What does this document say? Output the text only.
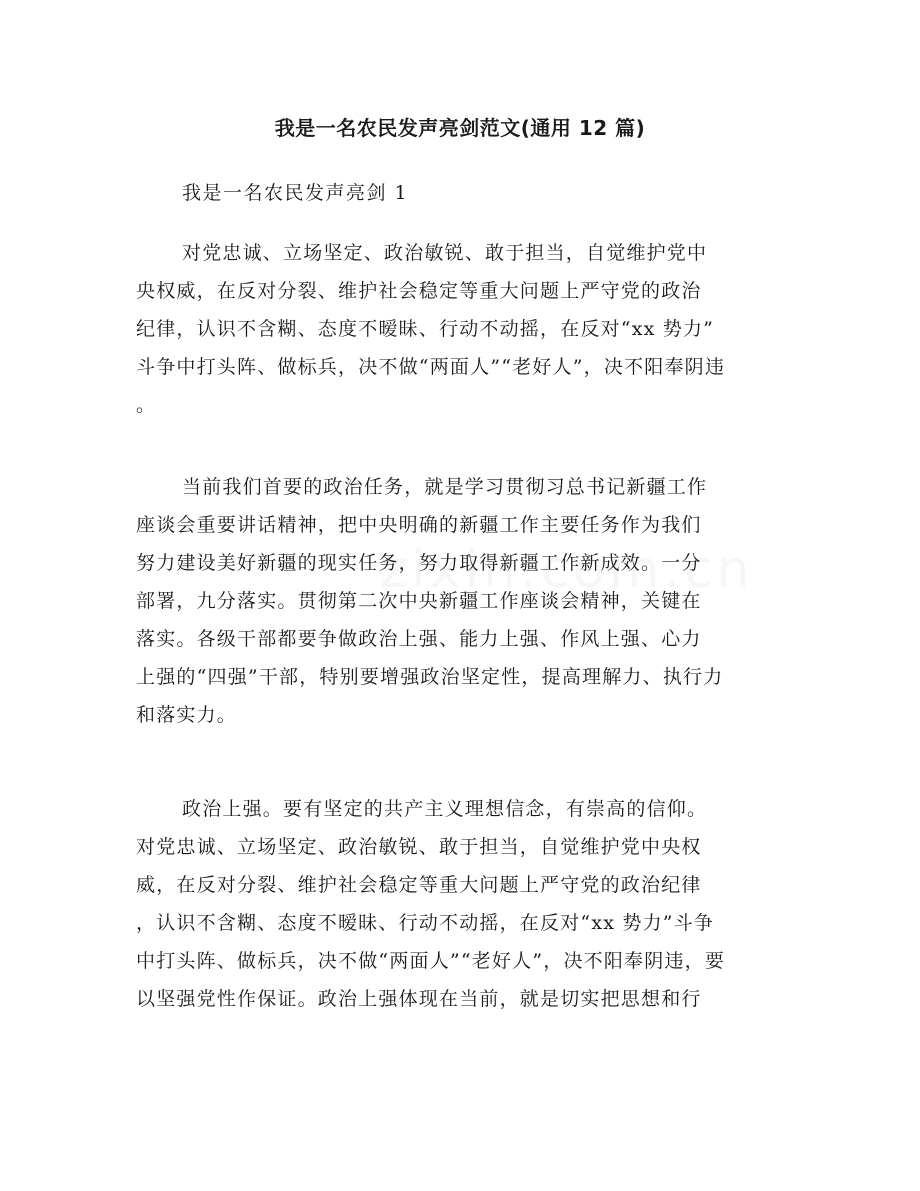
我是一名农民发声亮剑范文(通用 12 篇)

我是一名农民发声亮剑 1

对党忠诚、立场坚定、政治敏锐、敢于担当，自觉维护党中
央权威，在反对分裂、维护社会稳定等重大问题上严守党的政治
纪律，认识不含糊、态度不暧昧、行动不动摇，在反对“xx 势力”
斗争中打头阵、做标兵，决不做“两面人”“老好人”，决不阳奉阴违
。
当前我们首要的政治任务，就是学习贯彻习总书记新疆工作
座谈会重要讲话精神，把中央明确的新疆工作主要任务作为我们
努力建设美好新疆的现实任务，努力取得新疆工作新成效。一分
部署，九分落实。贯彻第二次中央新疆工作座谈会精神，关键在
落实。各级干部都要争做政治上强、能力上强、作风上强、心力
上强的“四强”干部，特别要增强政治坚定性，提高理解力、执行力
和落实力。
政治上强。要有坚定的共产主义理想信念，有崇高的信仰。
对党忠诚、立场坚定、政治敏锐、敢于担当，自觉维护党中央权
威，在反对分裂、维护社会稳定等重大问题上严守党的政治纪律
，认识不含糊、态度不暧昧、行动不动摇，在反对“xx 势力”斗争
中打头阵、做标兵，决不做“两面人”“老好人”，决不阳奉阴违，要
以坚强党性作保证。政治上强体现在当前，就是切实把思想和行
